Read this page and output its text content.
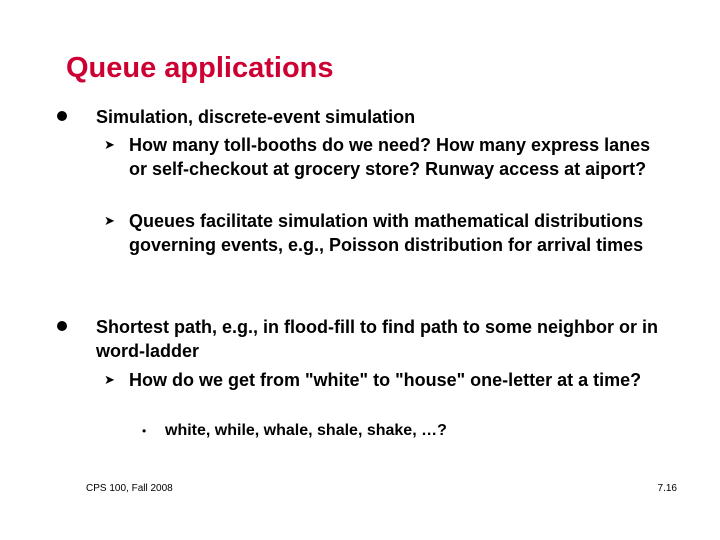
Queue applications
Simulation, discrete-event simulation
➤ How many toll-booths do we need? How many express lanes or self-checkout at grocery store? Runway access at aiport?
➤ Queues facilitate simulation with mathematical distributions governing events, e.g., Poisson distribution for arrival times
Shortest path, e.g., in flood-fill to find path to some neighbor or in word-ladder
➤ How do we get from "white" to "house" one-letter at a time?
• white, while, whale, shale, shake, …?
CPS 100, Fall 2008	7.16
